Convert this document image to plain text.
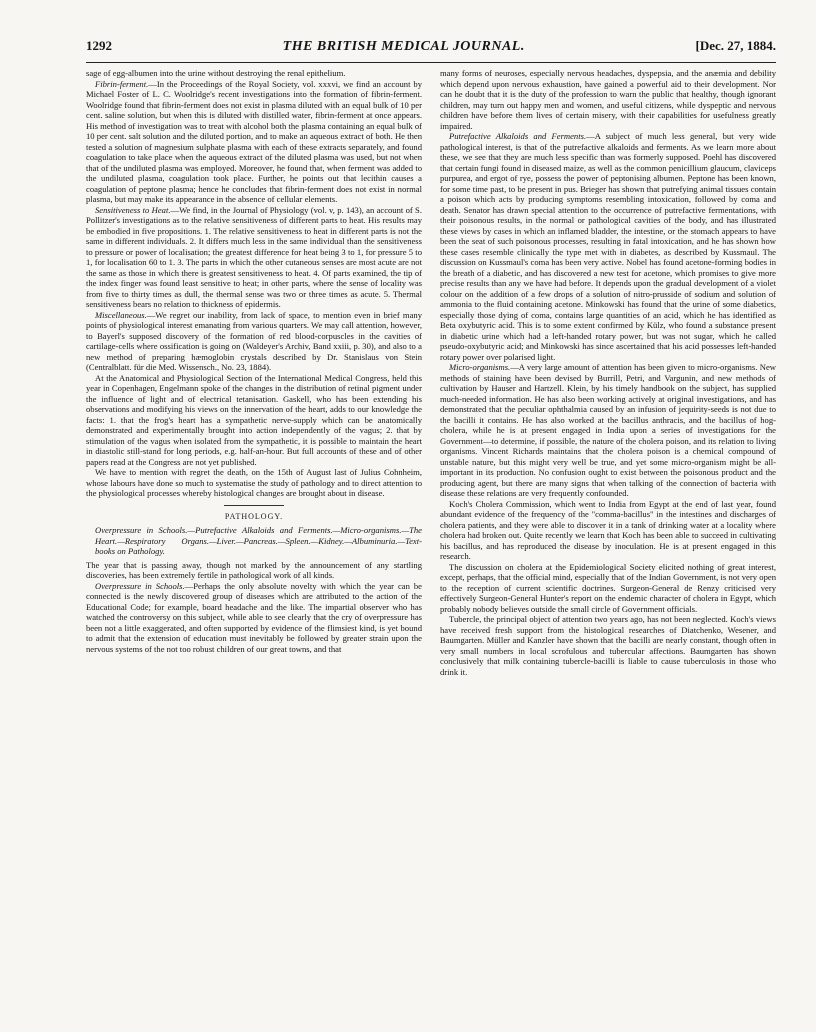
1292	THE BRITISH MEDICAL JOURNAL.	[Dec. 27, 1884.

sage of egg-albumen into the urine without destroying the renal epithelium.

Fibrin-ferment.—In the Proceedings of the Royal Society, vol. xxxvi, we find an account by Michael Foster of L. C. Woolridge's recent investigations into the formation of fibrin-ferment. Woolridge found that fibrin-ferment does not exist in plasma diluted with an equal bulk of 10 per cent. saline solution, but when this is diluted with distilled water, fibrin-ferment at once appears. His method of investigation was to treat with alcohol both the plasma containing an equal bulk of 10 per cent. salt solution and the diluted portion, and to make an aqueous extract of both. He then tested a solution of magnesium sulphate plasma with each of these extracts separately, and found coagulation to take place when the aqueous extract of the diluted plasma was used, but not when that of the undiluted plasma was employed. Moreover, he found that, when ferment was added to the undiluted plasma, coagulation took place. Further, he points out that lecithin causes a coagulation of peptone plasma; hence he concludes that fibrin-ferment does not exist in normal plasma, but may make its appearance in the absence of cellular elements.

Sensitiveness to Heat.—We find, in the Journal of Physiology (vol. v, p. 143), an account of S. Pollitzer's investigations as to the relative sensitiveness of different parts to heat. His results may be embodied in five propositions. 1. The relative sensitiveness to heat in different parts is not the same in different individuals. 2. It differs much less in the same individual than the sensitiveness to pressure or power of localisation; the greatest difference for heat being 3 to 1, for pressure 5 to 1, for localisation 60 to 1. 3. The parts in which the other cutaneous senses are most acute are not the same as those in which there is greatest sensitiveness to heat. 4. Of parts examined, the tip of the index finger was found least sensitive to heat; in other parts, where the sense of locality was from five to thirty times as dull, the thermal sense was two or three times as acute. 5. Thermal sensitiveness bears no relation to thickness of epidermis.

Miscellaneous.—We regret our inability, from lack of space, to mention even in brief many points of physiological interest emanating from various quarters. We may call attention, however, to Bayerl's supposed discovery of the formation of red blood-corpuscles in the cavities of cartilage-cells where ossification is going on (Waldeyer's Archiv, Band xxiii, p. 30), and also to a new method of preparing hæmoglobin crystals described by Dr. Stanislaus von Stein (Centralblatt. für die Med. Wissensch., No. 23, 1884).

At the Anatomical and Physiological Section of the International Medical Congress, held this year in Copenhagen, Engelmann spoke of the changes in the distribution of retinal pigment under the influence of light and of electrical tetanisation. Gaskell, who has been extending his observations and modifying his views on the innervation of the heart, adds to our knowledge the facts: 1. that the frog's heart has a sympathetic nerve-supply which can be anatomically demonstrated and experimentally brought into action independently of the vagus; 2. that by stimulation of the vagus when isolated from the sympathetic, it is possible to maintain the heart in diastolic still-stand for long periods, e.g. half-an-hour. But full accounts of these and of other papers read at the Congress are not yet published.

We have to mention with regret the death, on the 15th of August last of Julius Cohnheim, whose labours have done so much to systematise the study of pathology and to direct attention to the physiological processes whereby histological changes are brought about in disease.

PATHOLOGY.

Overpressure in Schools.—Putrefactive Alkaloids and Ferments.—Micro-organisms.—The Heart.—Respiratory Organs.—Liver.—Pancreas.—Spleen.—Kidney.—Albuminuria.—Text-books on Pathology.

The year that is passing away, though not marked by the announcement of any startling discoveries, has been extremely fertile in pathological work of all kinds.

Overpressure in Schools.—Perhaps the only absolute novelty with which the year can be connected is the newly discovered group of diseases which are attributed to the action of the Educational Code; for example, board headache and the like. The impartial observer who has watched the controversy on this subject, while able to see clearly that the cry of overpressure has been not a little exaggerated, and often supported by evidence of the flimsiest kind, is yet bound to admit that the extension of education must inevitably be followed by greater strain upon the nervous systems of the not too robust children of our great towns, and that

many forms of neuroses, especially nervous headaches, dyspepsia, and the anæmia and debility which depend upon nervous exhaustion, have gained a powerful aid to their development. Nor can he doubt that it is the duty of the profession to warn the public that healthy, though ignorant children, may turn out happy men and women, and useful citizens, while dyspeptic and nervous children have before them lives of certain misery, with their capabilities for usefulness greatly impaired.

Putrefactive Alkaloids and Ferments.—A subject of much less general, but very wide pathological interest, is that of the putrefactive alkaloids and ferments. As we learn more about these, we see that they are much less specific than was formerly supposed. Poehl has discovered that certain fungi found in diseased maize, as well as the common penicillium glaucum, claviceps purpurea, and ergot of rye, possess the power of peptonising albumen. Peptone has been known, for some time past, to be present in pus. Brieger has shown that putrefying animal tissues contain a poison which acts by producing symptoms resembling intoxication, followed by coma and death. Senator has drawn special attention to the occurrence of putrefactive fermentations, with their poisonous results, in the normal or pathological cavities of the body, and has illustrated these views by cases in which an inflamed bladder, the intestine, or the stomach appears to have been the seat of such poisonous processes, resulting in fatal intoxication, and he has shown how these cases resemble clinically the type met with in diabetes, as described by Kussmaul. The discussion on Kussmaul's coma has been very active. Nobel has found acetone-forming bodies in the breath of a diabetic, and has discovered a new test for acetone, which promises to give more precise results than any we have had before. It depends upon the gradual development of a violet colour on the addition of a few drops of a solution of nitro-prusside of sodium and solution of ammonia to the fluid containing acetone. Minkowski has found that the urine of some diabetics, especially those dying of coma, contains large quantities of an acid, which he has identified as Beta oxybutyric acid. This is to some extent confirmed by Külz, who found a substance present in diabetic urine which had a left-handed rotary power, but was not sugar, which he called pseudo-oxybutyric acid; and Minkowski has since ascertained that his acid possesses left-handed rotary power over polarised light.

Micro-organisms.—A very large amount of attention has been given to micro-organisms. New methods of staining have been devised by Burrill, Petri, and Vargunin, and new methods of cultivation by Hauser and Hartzell. Klein, by his timely handbook on the subject, has supplied much-needed information. He has also been working actively at original investigations, and has demonstrated that the peculiar ophthalmia caused by an infusion of jequirity-seeds is not due to the bacilli it contains. He has also worked at the bacillus anthracis, and the bacillus of hog-cholera, while he is at present engaged in India upon a series of investigations for the Government—to determine, if possible, the nature of the cholera poison, and its relation to living organisms. Vincent Richards maintains that the cholera poison is a chemical compound of unstable nature, but this might very well be true, and yet some micro-organism might be all-important in its production. No confusion ought to exist between the poisonous product and the producing agent, but there are many signs that when talking of the connection of bacteria with disease these relations are very frequently confounded.

Koch's Cholera Commission, which went to India from Egypt at the end of last year, found abundant evidence of the frequency of the "comma-bacillus" in the intestines and discharges of cholera patients, and they were able to discover it in a tank of drinking water at a locality where cholera had broken out. Quite recently we learn that Koch has been able to succeed in cultivating his bacillus, and has reproduced the disease by inoculation. He is at present engaged in this research.

The discussion on cholera at the Epidemiological Society elicited nothing of great interest, except, perhaps, that the official mind, especially that of the Indian Government, is not very open to the reception of current scientific doctrines. Surgeon-General de Renzy criticised very effectively Surgeon-General Hunter's report on the endemic character of cholera in Egypt, which probably nobody believes outside the small circle of Government officials.

Tubercle, the principal object of attention two years ago, has not been neglected. Koch's views have received fresh support from the histological researches of Diatchenko, Wesener, and Baumgarten. Müller and Kanzler have shown that the bacilli are nearly constant, though often in very small numbers in local scrofulous and tubercular affections. Baumgarten has shown conclusively that milk containing tubercle-bacilli is liable to cause tuberculosis in those who drink it.
